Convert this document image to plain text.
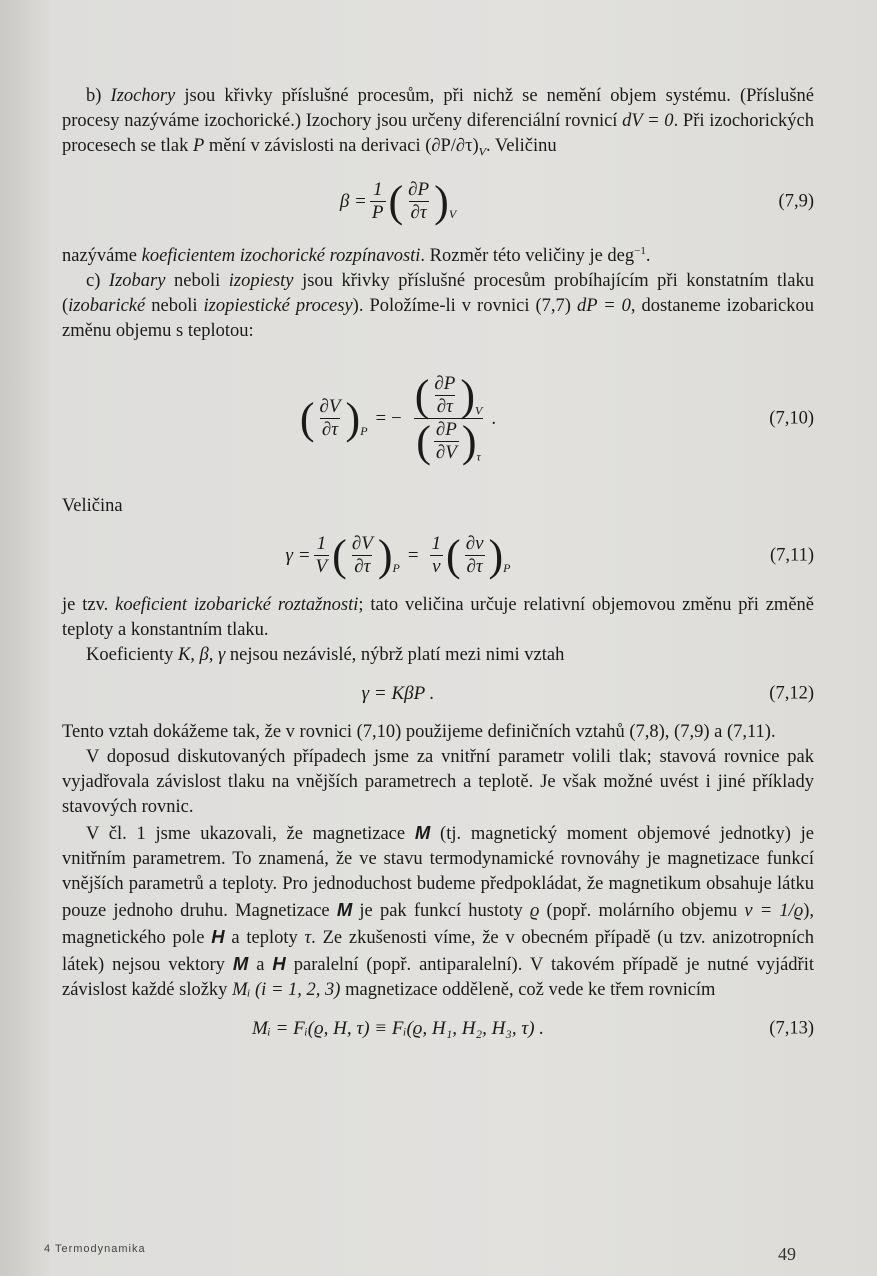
b) Izochory jsou křivky příslušné procesům, při nichž se nemění objem systému. (Příslušné procesy nazýváme izochorické.) Izochory jsou určeny diferenciální rovnicí dV = 0. Při izochorických procesech se tlak P mění v závislosti na derivaci $(\partial P/\partial\tau)_V$. Veličinu

$\beta = \frac{1}{P}$ ( $\frac{\partial P}{\partial\tau} )_V$
(7,9)

nazýváme koeficientem izochorické rozpínavosti. Rozměr této veličiny je deg$^{-1}$.

c) Izobary neboli izopiesty jsou křivky příslušné procesům probíhajícím při konstatním tlaku (izobarické neboli izopiestické procesy). Položíme-li v rovnici (7,7) dP = 0, dostaneme izobarickou změnu objemu s teplotou:

( $\frac{\partial V}{\partial\tau} )_P$
= − $\frac{( \frac{\partial P}{\partial\tau} ) _V}{( \frac{\partial P}{\partial V} ) _\tau}$ .	(7,10)

Veličina

$\gamma = \frac{1}{V}$ ( $\frac{\partial V}{\partial\tau} )_P$
= $\frac{1}{v}$ ( $\frac{\partial v}{\partial\tau} )_P$
(7,11)

je tzv. koeficient izobarické roztažnosti; tato veličina určuje relativní objemovou změnu při změně teploty a konstantním tlaku.

Koeficienty K, β, γ nejsou nezávislé, nýbrž platí mezi nimi vztah

γ = KβP .	(7,12)

Tento vztah dokážeme tak, že v rovnici (7,10) použijeme definičních vztahů (7,8), (7,9) a (7,11).

V doposud diskutovaných případech jsme za vnitřní parametr volili tlak; stavová rovnice pak vyjadřovala závislost tlaku na vnějších parametrech a teplotě. Je však možné uvést i jiné příklady stavových rovnic.

V čl. 1 jsme ukazovali, že magnetizace M (tj. magnetický moment objemové jednotky) je vnitřním parametrem. To znamená, že ve stavu termodynamické rovnováhy je magnetizace funkcí vnějších parametrů a teploty. Pro jednoduchost budeme předpokládat, že magnetikum obsahuje látku pouze jednoho druhu. Magnetizace M je pak funkcí hustoty ϱ (popř. molárního objemu v = 1/ϱ), magnetického pole H a teploty τ. Ze zkušenosti víme, že v obecném případě (u tzv. anizotropních látek) nejsou vektory M a H paralelní (popř. antiparalelní). V takovém případě je nutné vyjádřit závislost každé složky Mᵢ (i = 1, 2, 3) magnetizace odděleně, což vede ke třem rovnicím

Mᵢ = Fᵢ(ϱ, H, τ) ≡ Fᵢ(ϱ, H₁, H₂, H₃, τ) .	(7,13)
4 Termodynamika	49
